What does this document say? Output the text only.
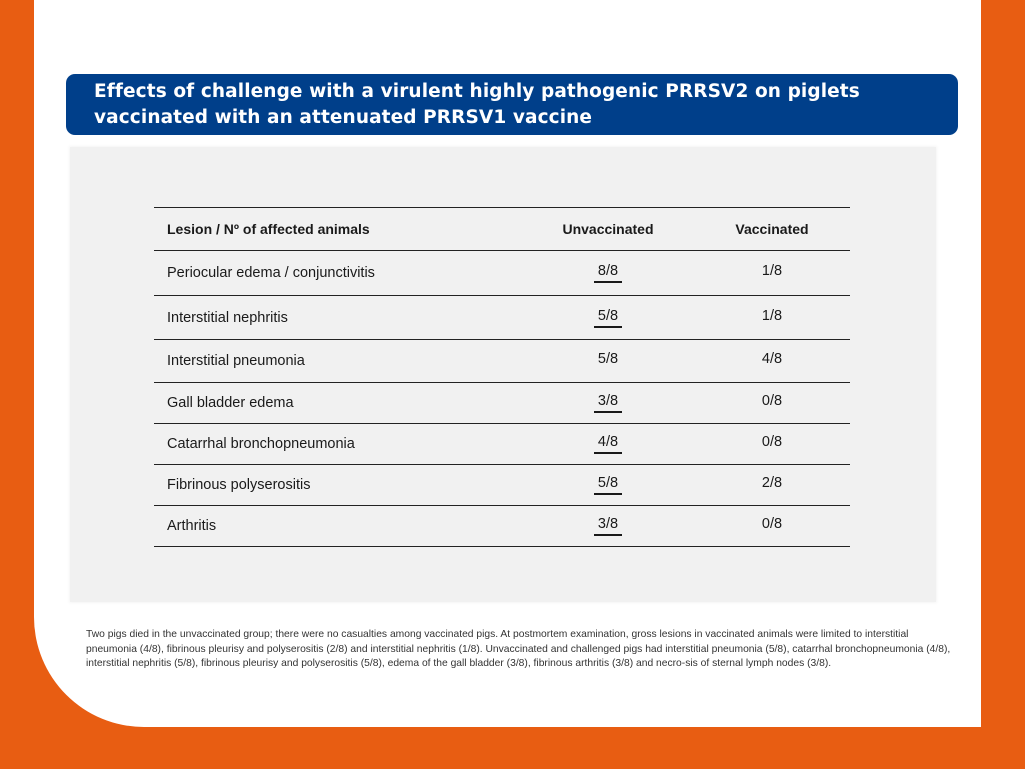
Effects of challenge with a virulent highly pathogenic PRRSV2 on piglets vaccinated with an attenuated PRRSV1 vaccine
Lesion / Nº of affected animals	Unvaccinated	Vaccinated
Periocular edema / conjunctivitis	8/8	1/8
Interstitial nephritis	5/8	1/8
Interstitial pneumonia	5/8	4/8
Gall bladder edema	3/8	0/8
Catarrhal bronchopneumonia	4/8	0/8
Fibrinous polyserositis	5/8	2/8
Arthritis	3/8	0/8

Two pigs died in the unvaccinated group; there were no casualties among vaccinated pigs. At postmortem examination, gross lesions in vaccinated animals were limited to interstitial pneumonia (4/8), fibrinous pleurisy and polyserositis (2/8) and interstitial nephritis (1/8). Unvaccinated and challenged pigs had interstitial pneumonia (5/8), catarrhal bronchopneumonia (4/8), interstitial nephritis (5/8), fibrinous pleurisy and polyserositis (5/8), edema of the gall bladder (3/8), fibrinous arthritis (3/8) and necro-sis of sternal lymph nodes (3/8).
